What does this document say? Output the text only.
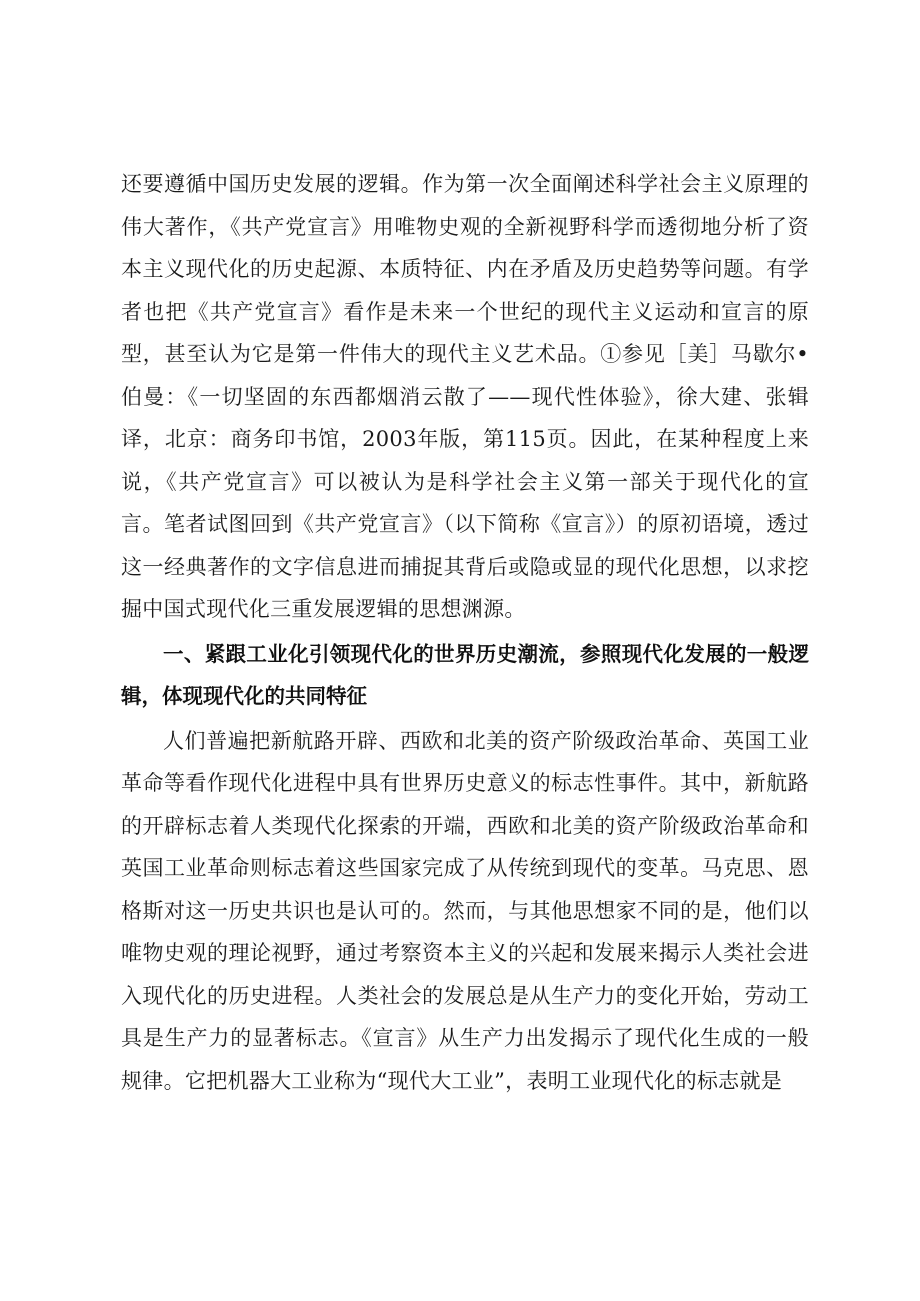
还要遵循中国历史发展的逻辑。作为第一次全面阐述科学社会主义原理的伟大著作，《共产党宣言》用唯物史观的全新视野科学而透彻地分析了资本主义现代化的历史起源、本质特征、内在矛盾及历史趋势等问题。有学者也把《共产党宣言》看作是未来一个世纪的现代主义运动和宣言的原型，甚至认为它是第一件伟大的现代主义艺术品。①参见［美］马歇尔•伯曼：《一切坚固的东西都烟消云散了——现代性体验》，徐大建、张辑译，北京：商务印书馆，2003年版，第115页。因此，在某种程度上来说，《共产党宣言》可以被认为是科学社会主义第一部关于现代化的宣言。笔者试图回到《共产党宣言》（以下简称《宣言》）的原初语境，透过这一经典著作的文字信息进而捕捉其背后或隐或显的现代化思想，以求挖掘中国式现代化三重发展逻辑的思想渊源。

一、紧跟工业化引领现代化的世界历史潮流，参照现代化发展的一般逻辑，体现现代化的共同特征

人们普遍把新航路开辟、西欧和北美的资产阶级政治革命、英国工业革命等看作现代化进程中具有世界历史意义的标志性事件。其中，新航路的开辟标志着人类现代化探索的开端，西欧和北美的资产阶级政治革命和英国工业革命则标志着这些国家完成了从传统到现代的变革。马克思、恩格斯对这一历史共识也是认可的。然而，与其他思想家不同的是，他们以唯物史观的理论视野，通过考察资本主义的兴起和发展来揭示人类社会进入现代化的历史进程。人类社会的发展总是从生产力的变化开始，劳动工具是生产力的显著标志。《宣言》从生产力出发揭示了现代化生成的一般规律。它把机器大工业称为“现代大工业”，表明工业现代化的标志就是
